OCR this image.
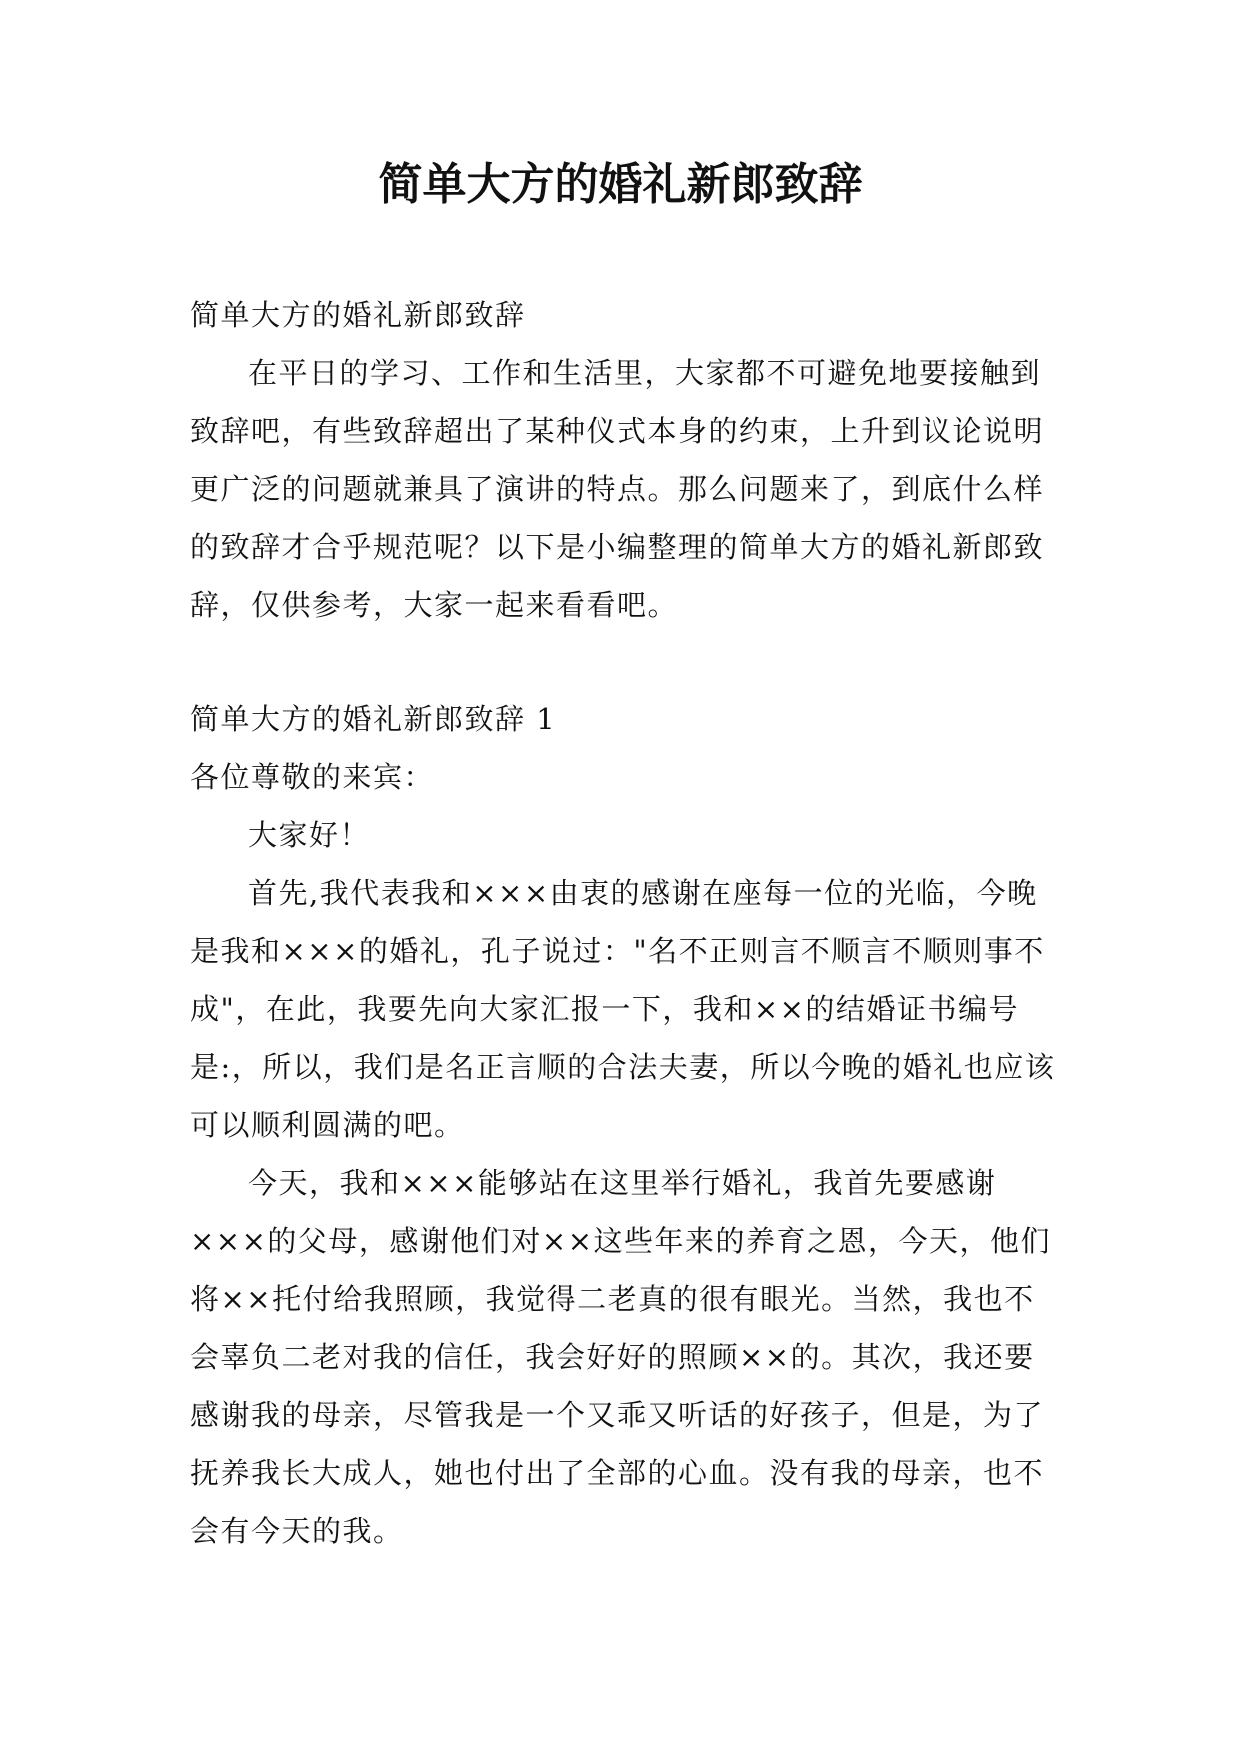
简单大方的婚礼新郎致辞

简单大方的婚礼新郎致辞

在平日的学习、工作和生活里，大家都不可避免地要接触到致辞吧，有些致辞超出了某种仪式本身的约束，上升到议论说明更广泛的问题就兼具了演讲的特点。那么问题来了，到底什么样的致辞才合乎规范呢？以下是小编整理的简单大方的婚礼新郎致辞，仅供参考，大家一起来看看吧。

简单大方的婚礼新郎致辞 1

各位尊敬的来宾：

大家好！

首先,我代表我和×××由衷的感谢在座每一位的光临，今晚是我和×××的婚礼，孔子说过："名不正则言不顺言不顺则事不成"，在此，我要先向大家汇报一下，我和××的结婚证书编号是:，所以，我们是名正言顺的合法夫妻，所以今晚的婚礼也应该可以顺利圆满的吧。

今天，我和×××能够站在这里举行婚礼，我首先要感谢×××的父母，感谢他们对××这些年来的养育之恩，今天，他们将××托付给我照顾，我觉得二老真的很有眼光。当然，我也不会辜负二老对我的信任，我会好好的照顾××的。其次，我还要感谢我的母亲，尽管我是一个又乖又听话的好孩子，但是，为了抚养我长大成人，她也付出了全部的心血。没有我的母亲，也不会有今天的我。
